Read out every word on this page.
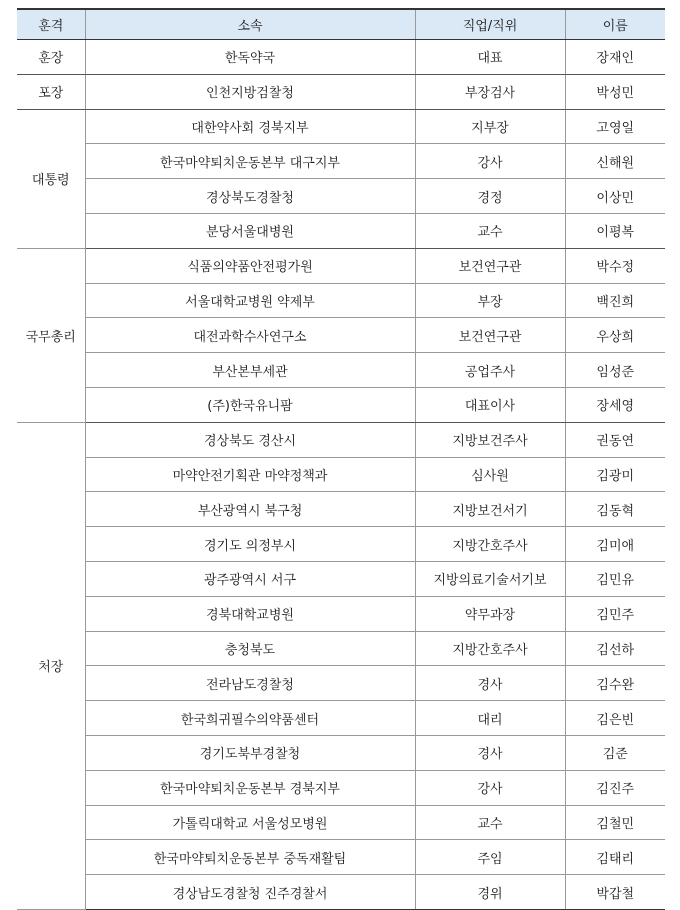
훈격	소속	직업/직위	이름
훈장	한독약국	대표	장재인
포장	인천지방검찰청	부장검사	박성민
대통령	대한약사회 경북지부	지부장	고영일
	한국마약퇴치운동본부 대구지부	강사	신해원
	경상북도경찰청	경정	이상민
	분당서울대병원	교수	이평복
국무총리	식품의약품안전평가원	보건연구관	박수정
	서울대학교병원 약제부	부장	백진희
	대전과학수사연구소	보건연구관	우상희
	부산본부세관	공업주사	임성준
	(주)한국유니팜	대표이사	장세영
처장	경상북도 경산시	지방보건주사	권동연
	마약안전기획관 마약정책과	심사원	김광미
	부산광역시 북구청	지방보건서기	김동혁
	경기도 의정부시	지방간호주사	김미애
	광주광역시 서구	지방의료기술서기보	김민유
	경북대학교병원	약무과장	김민주
	충청북도	지방간호주사	김선하
	전라남도경찰청	경사	김수완
	한국희귀필수의약품센터	대리	김은빈
	경기도북부경찰청	경사	김준
	한국마약퇴치운동본부 경북지부	강사	김진주
	가톨릭대학교 서울성모병원	교수	김철민
	한국마약퇴치운동본부 중독재활팀	주임	김태리
	경상남도경찰청 진주경찰서	경위	박갑철
